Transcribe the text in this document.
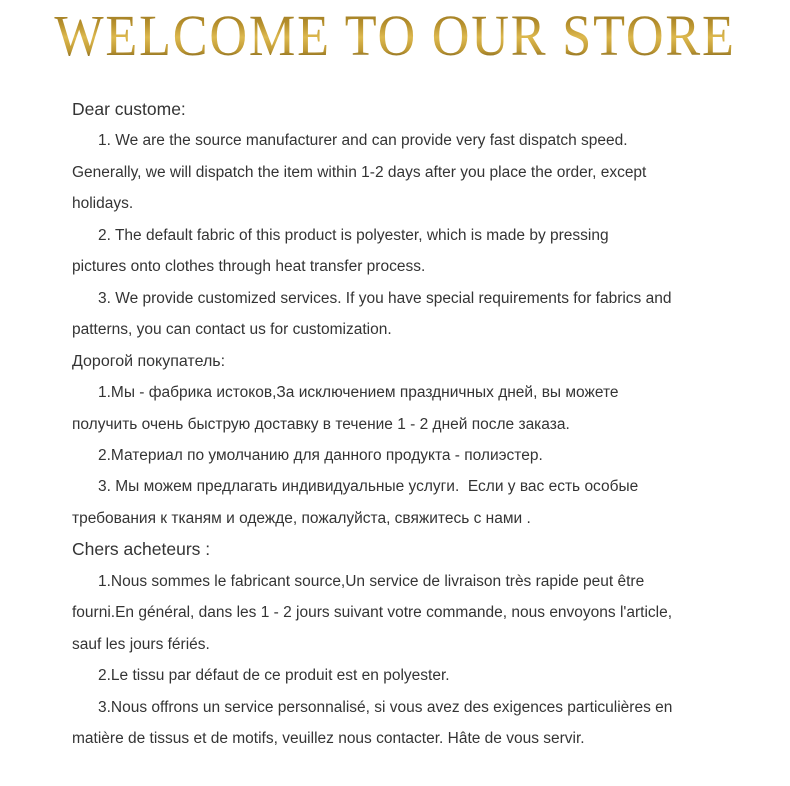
WELCOME TO OUR STORE
Dear custome:
1. We are the source manufacturer and can provide very fast dispatch speed.
Generally, we will dispatch the item within 1-2 days after you place the order, except
holidays.
2. The default fabric of this product is polyester, which is made by pressing
pictures onto clothes through heat transfer process.
3. We provide customized services. If you have special requirements for fabrics and
patterns, you can contact us for customization.
Дорогой покупатель:
1.Мы - фабрика истоков,За исключением праздничных дней, вы можете
получить очень быструю доставку в течение 1 - 2 дней после заказа.
2.Материал по умолчанию для данного продукта - полиэстер.
3. Мы можем предлагать индивидуальные услуги.  Если у вас есть особые
требования к тканям и одежде, пожалуйста, свяжитесь с нами .
Chers acheteurs :
1.Nous sommes le fabricant source,Un service de livraison très rapide peut être
fourni.En général, dans les 1 - 2 jours suivant votre commande, nous envoyons l'article,
sauf les jours fériés.
2.Le tissu par défaut de ce produit est en polyester.
3.Nous offrons un service personnalisé, si vous avez des exigences particulières en
matière de tissus et de motifs, veuillez nous contacter. Hâte de vous servir.
